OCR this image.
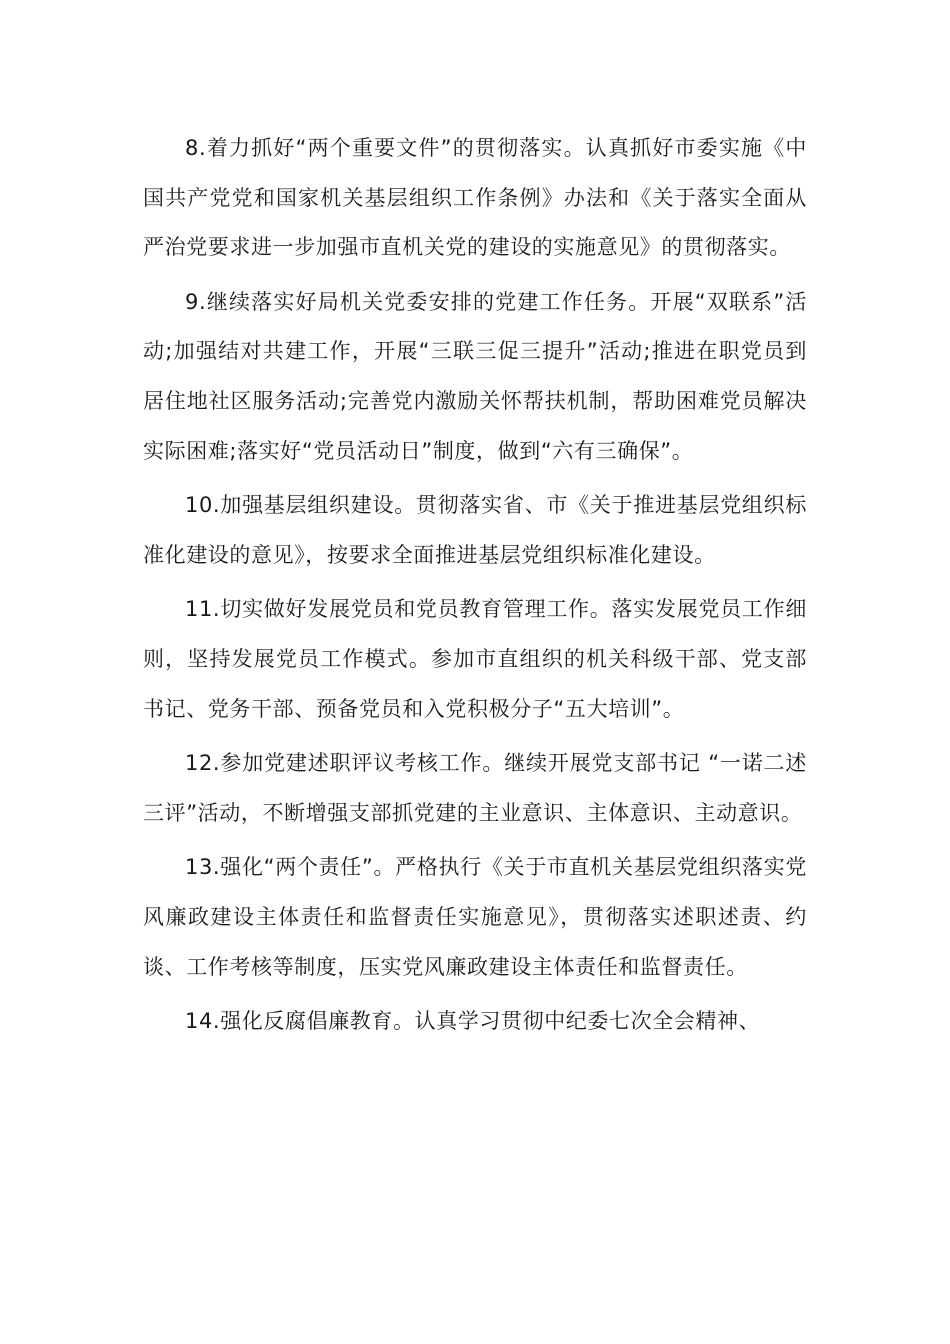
8.着力抓好“两个重要文件”的贯彻落实。认真抓好市委实施《中国共产党党和国家机关基层组织工作条例》办法和《关于落实全面从严治党要求进一步加强市直机关党的建设的实施意见》的贯彻落实。

9.继续落实好局机关党委安排的党建工作任务。开展“双联系”活动;加强结对共建工作，开展“三联三促三提升”活动;推进在职党员到居住地社区服务活动;完善党内激励关怀帮扶机制，帮助困难党员解决实际困难;落实好“党员活动日”制度，做到“六有三确保”。

10.加强基层组织建设。贯彻落实省、市《关于推进基层党组织标准化建设的意见》，按要求全面推进基层党组织标准化建设。

11.切实做好发展党员和党员教育管理工作。落实发展党员工作细则，坚持发展党员工作模式。参加市直组织的机关科级干部、党支部书记、党务干部、预备党员和入党积极分子“五大培训”。

12.参加党建述职评议考核工作。继续开展党支部书记 “一诺二述三评”活动，不断增强支部抓党建的主业意识、主体意识、主动意识。

13.强化“两个责任”。严格执行《关于市直机关基层党组织落实党风廉政建设主体责任和监督责任实施意见》，贯彻落实述职述责、约谈、工作考核等制度，压实党风廉政建设主体责任和监督责任。

14.强化反腐倡廉教育。认真学习贯彻中纪委七次全会精神、
